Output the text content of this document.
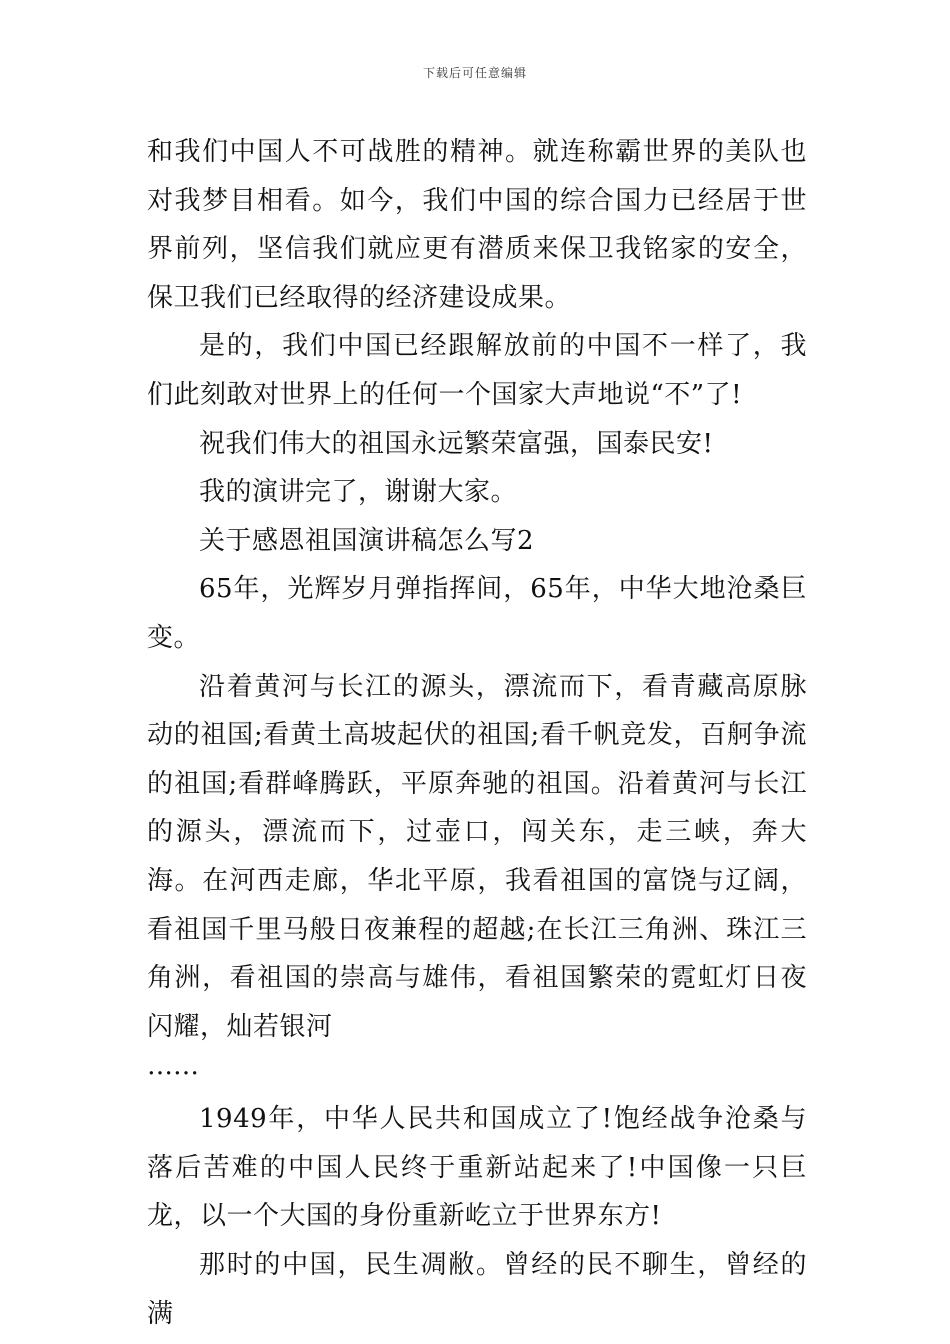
下载后可任意编辑

和我们中国人不可战胜的精神。就连称霸世界的美队也对我梦目相看。如今，我们中国的综合国力已经居于世界前列，坚信我们就应更有潜质来保卫我铭家的安全，保卫我们已经取得的经济建设成果。

是的，我们中国已经跟解放前的中国不一样了，我们此刻敢对世界上的任何一个国家大声地说“不”了!

祝我们伟大的祖国永远繁荣富强，国泰民安!

我的演讲完了，谢谢大家。

关于感恩祖国演讲稿怎么写2

65年，光辉岁月弹指挥间，65年，中华大地沧桑巨变。

沿着黄河与长江的源头，漂流而下，看青藏高原脉动的祖国;看黄土高坡起伏的祖国;看千帆竞发，百舸争流的祖国;看群峰腾跃，平原奔驰的祖国。沿着黄河与长江的源头，漂流而下，过壶口，闯关东，走三峡，奔大海。在河西走廊，华北平原，我看祖国的富饶与辽阔，看祖国千里马般日夜兼程的超越;在长江三角洲、珠江三角洲，看祖国的崇高与雄伟，看祖国繁荣的霓虹灯日夜闪耀，灿若银河

……

1949年，中华人民共和国成立了!饱经战争沧桑与落后苦难的中国人民终于重新站起来了!中国像一只巨龙，以一个大国的身份重新屹立于世界东方!

那时的中国，民生凋敝。曾经的民不聊生，曾经的满
